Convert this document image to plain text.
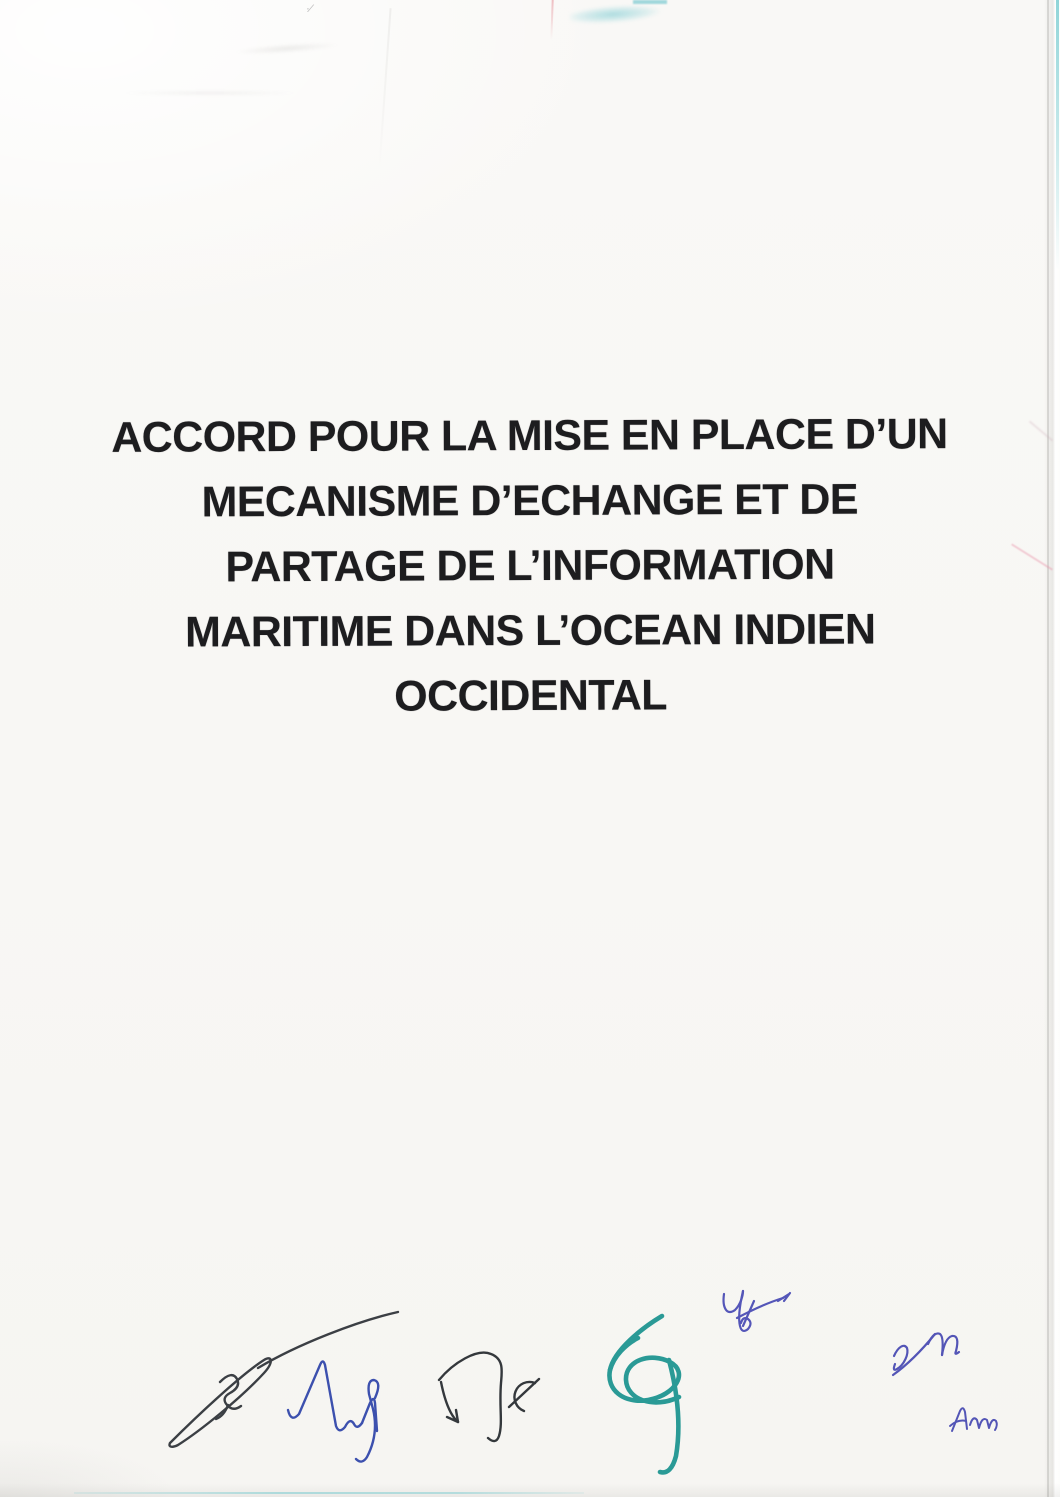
·⁄
ACCORD POUR LA MISE EN PLACE D’UN
MECANISME D’ECHANGE ET DE
PARTAGE DE L’INFORMATION
MARITIME DANS L’OCEAN INDIEN
OCCIDENTAL
